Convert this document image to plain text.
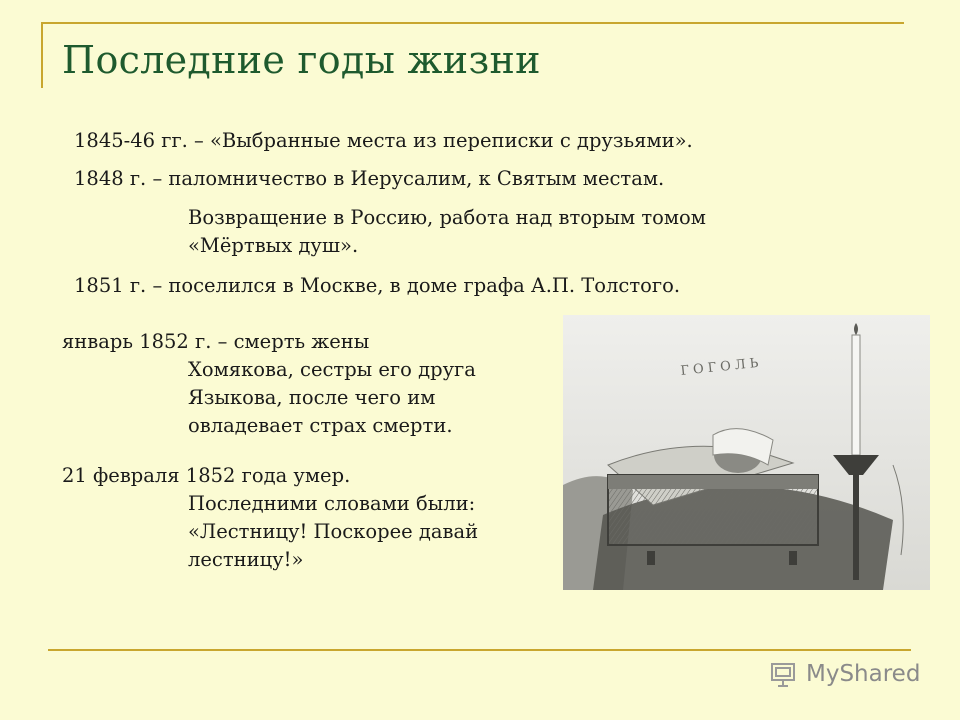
Последние годы жизни
1845-46 гг. – «Выбранные места из переписки с друзьями».
1848 г. – паломничество в Иерусалим, к Святым местам.
Возвращение в Россию, работа над вторым томом
«Мёртвых душ».
1851 г. – поселился в Москве, в доме графа А.П. Толстого.
январь 1852 г. – смерть жены
Хомякова, сестры его друга
Языкова, после чего им
овладевает страх смерти.
21 февраля 1852 года умер.
Последними словами были:
«Лестницу! Поскорее давай
лестницу!»
ГОГОЛЬ
MyShared
